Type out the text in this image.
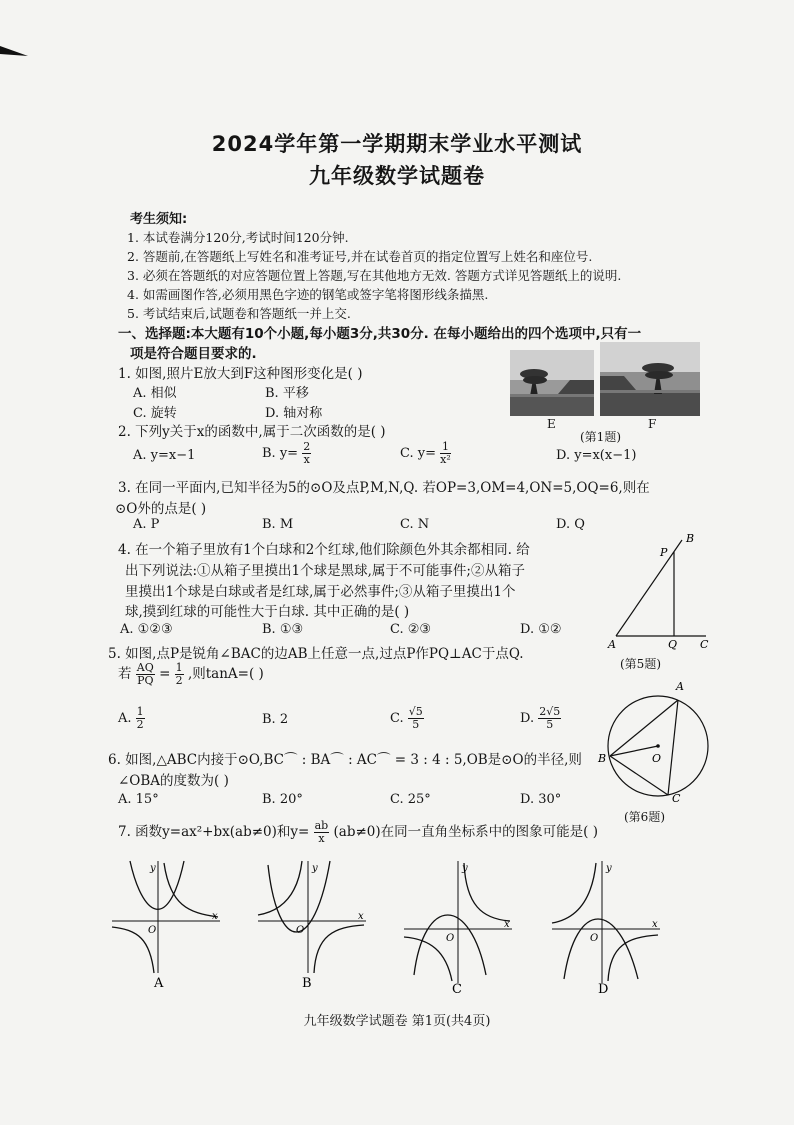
2024学年第一学期期末学业水平测试
九年级数学试题卷
考生须知:
1. 本试卷满分120分,考试时间120分钟.
2. 答题前,在答题纸上写姓名和准考证号,并在试卷首页的指定位置写上姓名和座位号.
3. 必须在答题纸的对应答题位置上答题,写在其他地方无效. 答题方式详见答题纸上的说明.
4. 如需画图作答,必须用黑色字迹的钢笔或签字笔将图形线条描黑.
5. 考试结束后,试题卷和答题纸一并上交.
一、选择题:本大题有10个小题,每小题3分,共30分. 在每小题给出的四个选项中,只有一
项是符合题目要求的.
1. 如图,照片E放大到F这种图形变化是( )
A. 相似	B. 平移
C. 旋转	D. 轴对称
E	F
(第1题)
2. 下列y关于x的函数中,属于二次函数的是( )
A. y=x−1	B. $y= \frac{2}{x}$	C. $y= \frac{1}{\text{x²}}$	D. y=x(x−1)
3. 在同一平面内,已知半径为5的⊙O及点P,M,N,Q. 若OP=3,OM=4,ON=5,OQ=6,则在
⊙O外的点是( )
A. P	B. M	C. N	D. Q
4. 在一个箱子里放有1个白球和2个红球,他们除颜色外其余都相同. 给
出下列说法:①从箱子里摸出1个球是黑球,属于不可能事件;②从箱子
里摸出1个球是白球或者是红球,属于必然事件;③从箱子里摸出1个
球,摸到红球的可能性大于白球. 其中正确的是( )
A. ①②③	B. ①③	C. ②③	D. ①②
P
B
A	Q C
(第5题)
5. 如图,点P是锐角∠BAC的边AB上任意一点,过点P作PQ⊥AC于点Q.
若 $\frac{AQ}{PQ} = \frac{1}{2}$ ,则tanA=( )
A. $\frac{1}{2}$	B. 2	C. $\frac{√5}{5}$	D. $\frac{2√5}{5}$
A
B
C
O
(第6题)
6. 如图,△ABC内接于⊙O,BC⌒ : BA⌒ : AC⌒ = 3 : 4 : 5,OB是⊙O的半径,则
∠OBA的度数为( )
A. 15°	B. 20°	C. 25°	D. 30°
7. 函数y=ax²+bx(ab≠0)和$y= \frac{ab}{x} (ab\ne 0)$在同一直角坐标系中的图象可能是( )
y
x
O
A
y
x
O
B
y
x
O
C
y
x
O
D
九年级数学试题卷 第1页(共4页)
